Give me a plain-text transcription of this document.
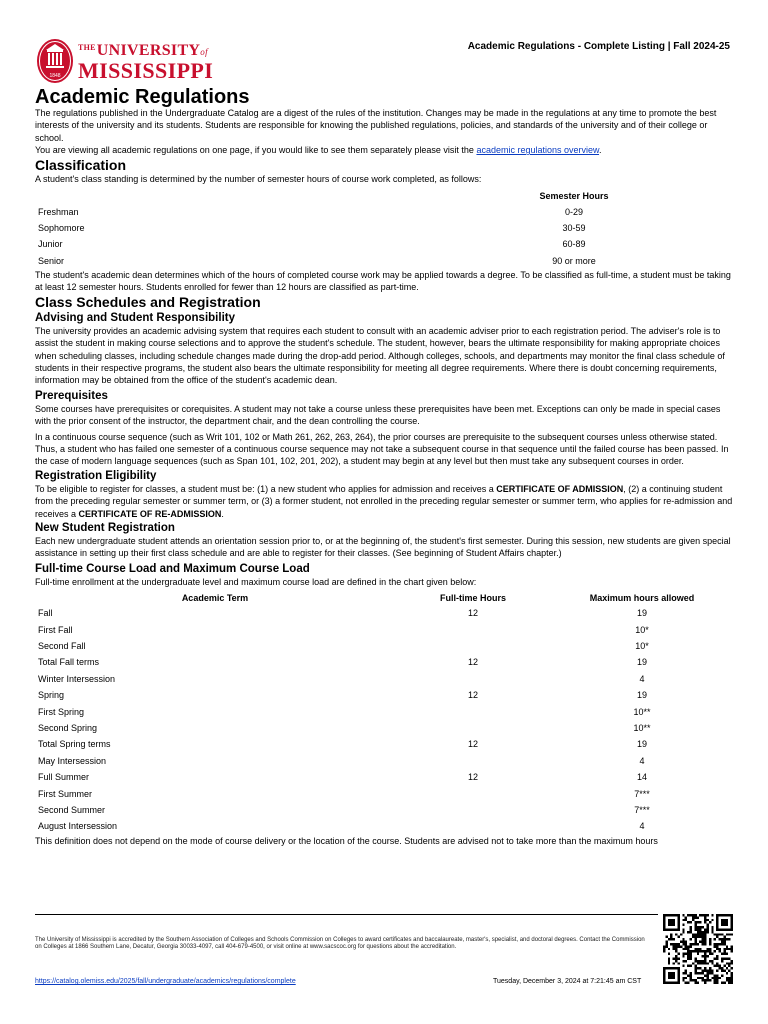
1848
$^{THE}$UNIVERSITYof
MISSISSIPPI
Academic Regulations - Complete Listing | Fall 2024-25
Academic Regulations

The regulations published in the Undergraduate Catalog are a digest of the rules of the institution. Changes may be made in the regulations at any time to promote the best interests of the university and its students. Students are responsible for knowing the published regulations, policies, and standards of the university and of their college or school.

You are viewing all academic regulations on one page, if you would like to see them separately please visit the academic regulations overview.

Classification

A student's class standing is determined by the number of semester hours of course work completed, as follows:

	Semester Hours
Freshman	0-29
Sophomore	30-59
Junior	60-89
Senior	90 or more

The student's academic dean determines which of the hours of completed course work may be applied towards a degree. To be classified as full-time, a student must be taking at least 12 semester hours. Students enrolled for fewer than 12 hours are classified as part-time.

Class Schedules and Registration
Advising and Student Responsibility

The university provides an academic advising system that requires each student to consult with an academic adviser prior to each registration period. The adviser's role is to assist the student in making course selections and to approve the student's schedule. The student, however, bears the ultimate responsibility for making appropriate choices when scheduling classes, including schedule changes made during the drop-add period. Although colleges, schools, and departments may monitor the final class schedule of students in their respective programs, the student also bears the ultimate responsibility for meeting all degree requirements. Where there is doubt concerning requirements, information may be obtained from the office of the student's academic dean.

Prerequisites

Some courses have prerequisites or corequisites. A student may not take a course unless these prerequisites have been met. Exceptions can only be made in special cases with the prior consent of the instructor, the department chair, and the dean controlling the course.

In a continuous course sequence (such as Writ 101, 102 or Math 261, 262, 263, 264), the prior courses are prerequisite to the subsequent courses unless otherwise stated. Thus, a student who has failed one semester of a continuous course sequence may not take a subsequent course in that sequence until the failed course has been passed. In the case of modern language sequences (such as Span 101, 102, 201, 202), a student may begin at any level but then must take any subsequent courses in order.

Registration Eligibility

To be eligible to register for classes, a student must be: (1) a new student who applies for admission and receives a CERTIFICATE OF ADMISSION, (2) a continuing student from the preceding regular semester or summer term, or (3) a former student, not enrolled in the preceding regular semester or summer term, who applies for re-admission and receives a CERTIFICATE OF RE-ADMISSION.

New Student Registration

Each new undergraduate student attends an orientation session prior to, or at the beginning of, the student's first semester. During this session, new students are given special assistance in setting up their first class schedule and are able to register for their classes. (See beginning of Student Affairs chapter.)

Full-time Course Load and Maximum Course Load

Full-time enrollment at the undergraduate level and maximum course load are defined in the chart given below:

Academic Term	Full-time Hours	Maximum hours allowed
Fall	12	19
First Fall		10*
Second Fall		10*
Total Fall terms	12	19
Winter Intersession		4
Spring	12	19
First Spring		10**
Second Spring		10**
Total Spring terms	12	19
May Intersession		4
Full Summer	12	14
First Summer		7***
Second Summer		7***
August Intersession		4

This definition does not depend on the mode of course delivery or the location of the course. Students are advised not to take more than the maximum hours

The University of Mississippi is accredited by the Southern Association of Colleges and Schools Commission on Colleges to award certificates and baccalaureate, master's, specialist, and doctoral degrees. Contact the Commission on Colleges at 1866 Southern Lane, Decatur, Georgia 30033-4097, call 404-679-4500, or visit online at www.sacscoc.org for questions about the accreditation.

https://catalog.olemiss.edu/2025/fall/undergraduate/academics/regulations/complete	Tuesday, December 3, 2024 at 7:21:45 am CST
